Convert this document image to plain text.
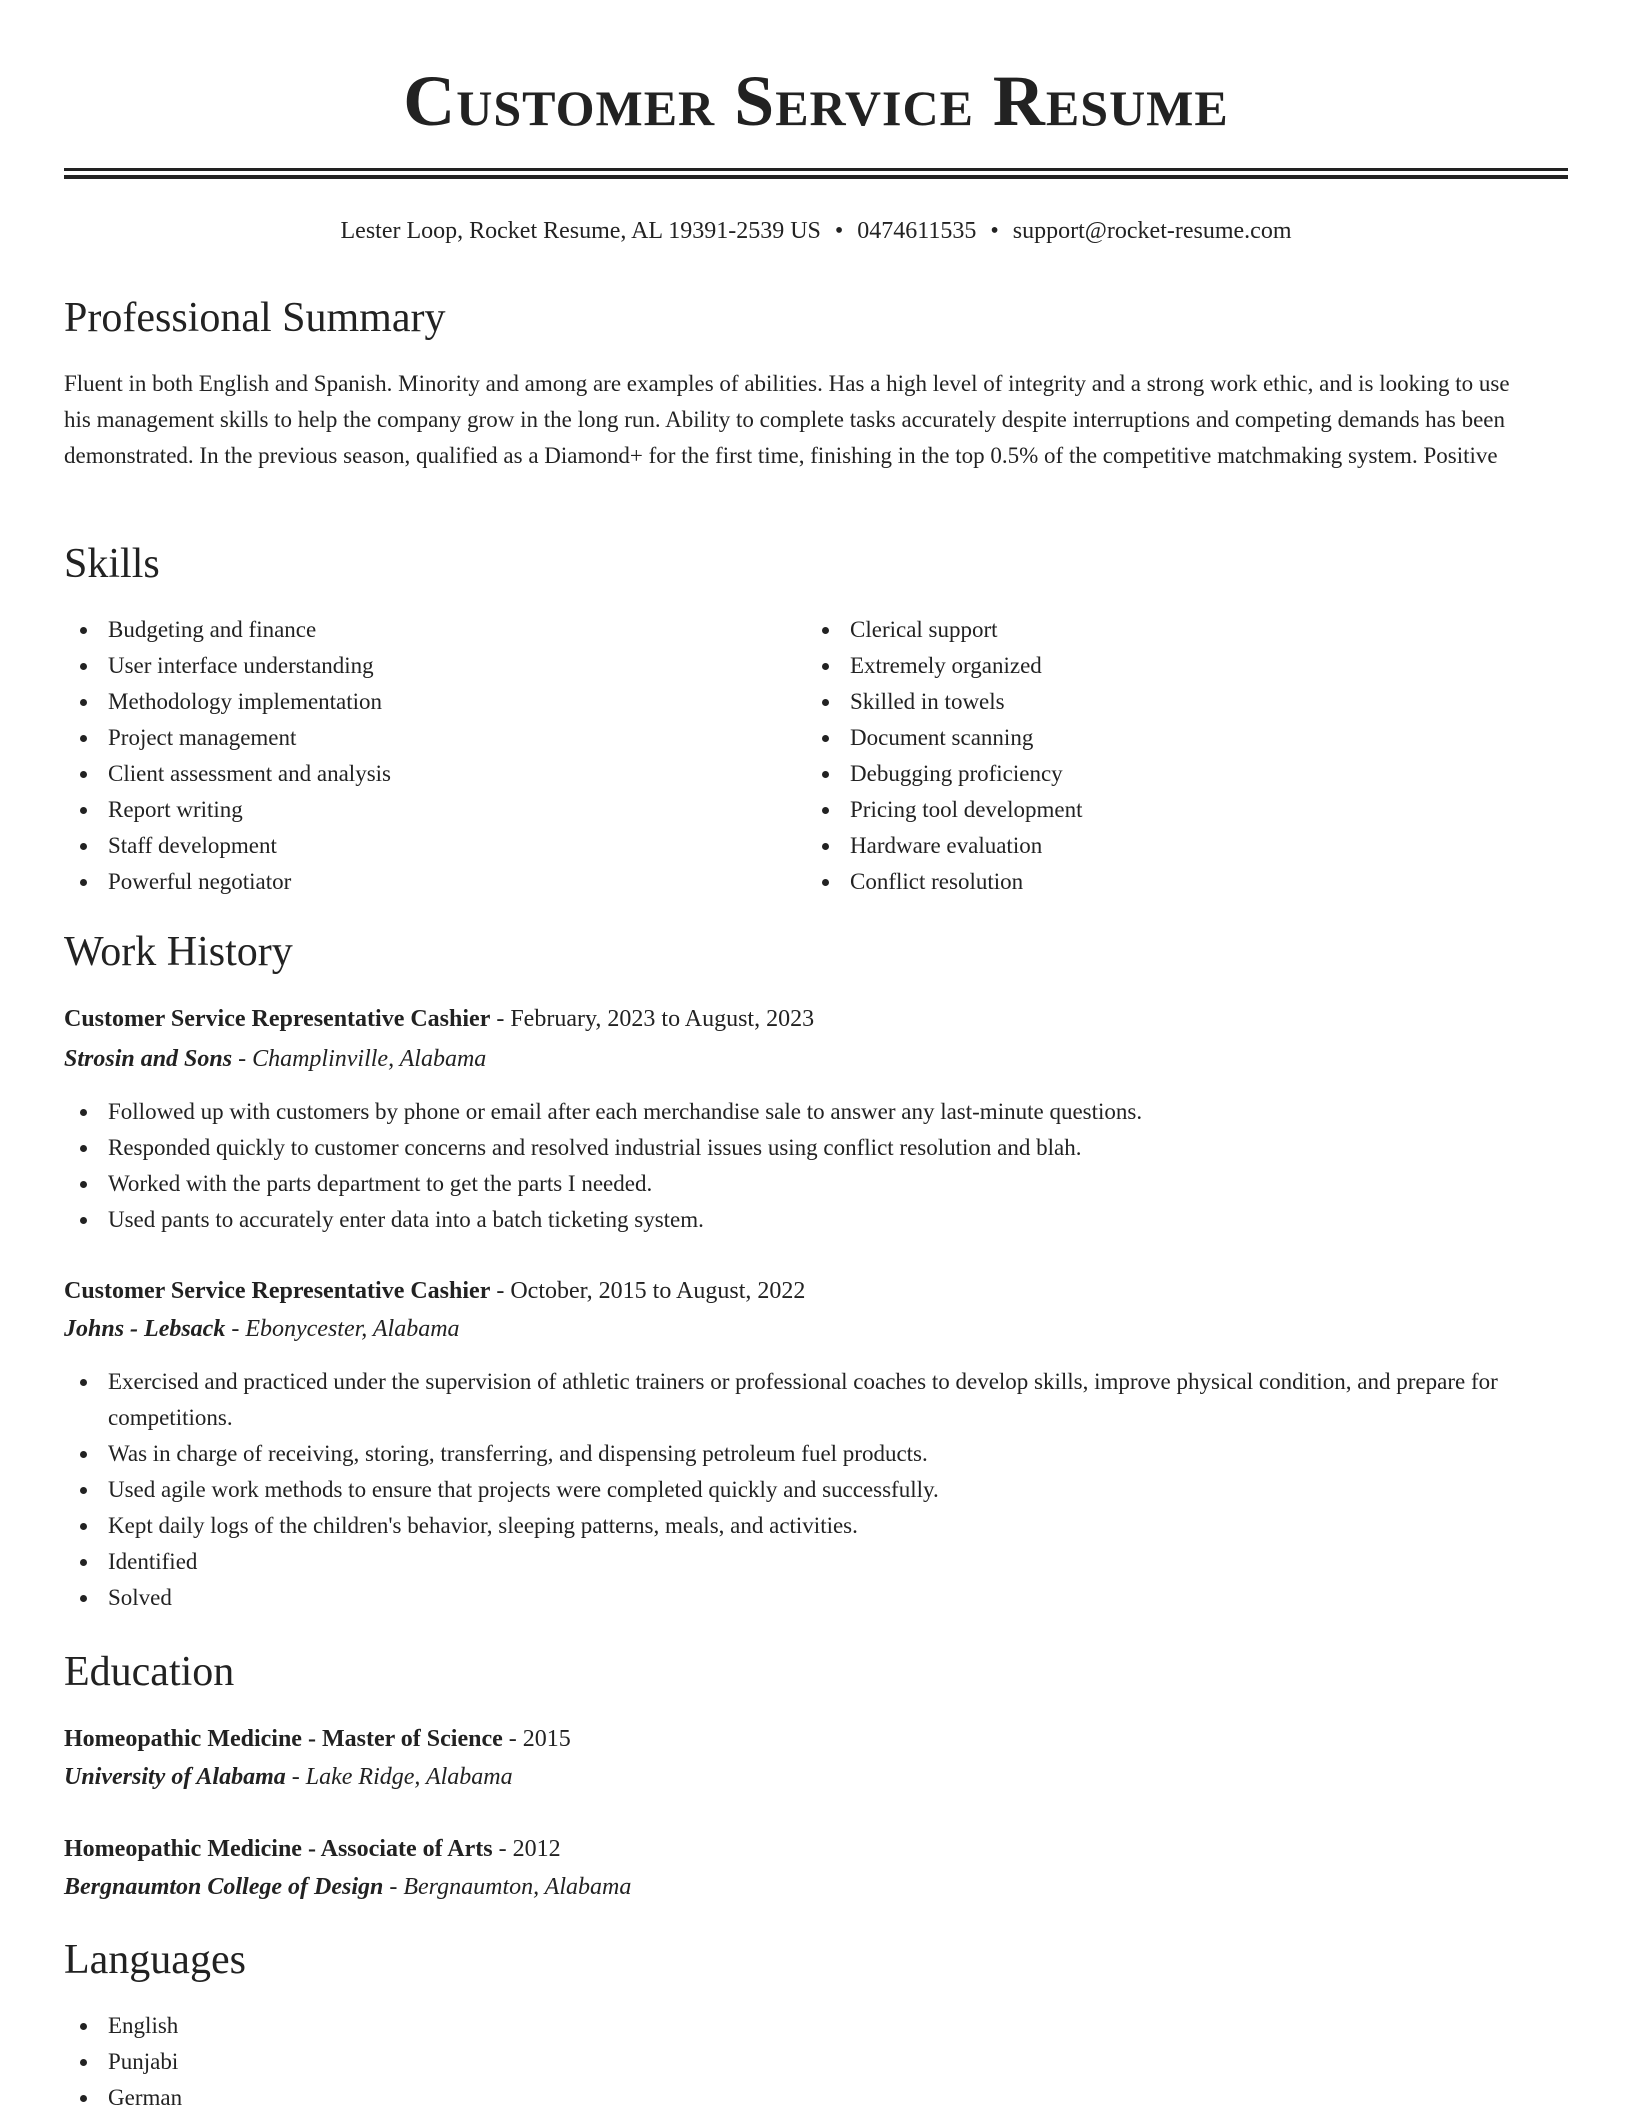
Customer Service Resume
Lester Loop, Rocket Resume, AL 19391-2539 US • 0474611535 • support@rocket-resume.com
Professional Summary

Fluent in both English and Spanish. Minority and among are examples of abilities. Has a high level of integrity and a strong work ethic, and is looking to use his management skills to help the company grow in the long run. Ability to complete tasks accurately despite interruptions and competing demands has been demonstrated. In the previous season, qualified as a Diamond+ for the first time, finishing in the top 0.5% of the competitive matchmaking system. Positive

Skills
Budgeting and finance
User interface understanding
Methodology implementation
Project management
Client assessment and analysis
Report writing
Staff development
Powerful negotiator
Clerical support
Extremely organized
Skilled in towels
Document scanning
Debugging proficiency
Pricing tool development
Hardware evaluation
Conflict resolution
Work History
Customer Service Representative Cashier - February, 2023 to August, 2023
Strosin and Sons - Champlinville, Alabama
Followed up with customers by phone or email after each merchandise sale to answer any last-minute questions.
Responded quickly to customer concerns and resolved industrial issues using conflict resolution and blah.
Worked with the parts department to get the parts I needed.
Used pants to accurately enter data into a batch ticketing system.
Customer Service Representative Cashier - October, 2015 to August, 2022
Johns - Lebsack - Ebonycester, Alabama
Exercised and practiced under the supervision of athletic trainers or professional coaches to develop skills, improve physical condition, and prepare for competitions.
Was in charge of receiving, storing, transferring, and dispensing petroleum fuel products.
Used agile work methods to ensure that projects were completed quickly and successfully.
Kept daily logs of the children's behavior, sleeping patterns, meals, and activities.
Identified
Solved
Education
Homeopathic Medicine - Master of Science - 2015
University of Alabama - Lake Ridge, Alabama
Homeopathic Medicine - Associate of Arts - 2012
Bergnaumton College of Design - Bergnaumton, Alabama
Languages
English
Punjabi
German
